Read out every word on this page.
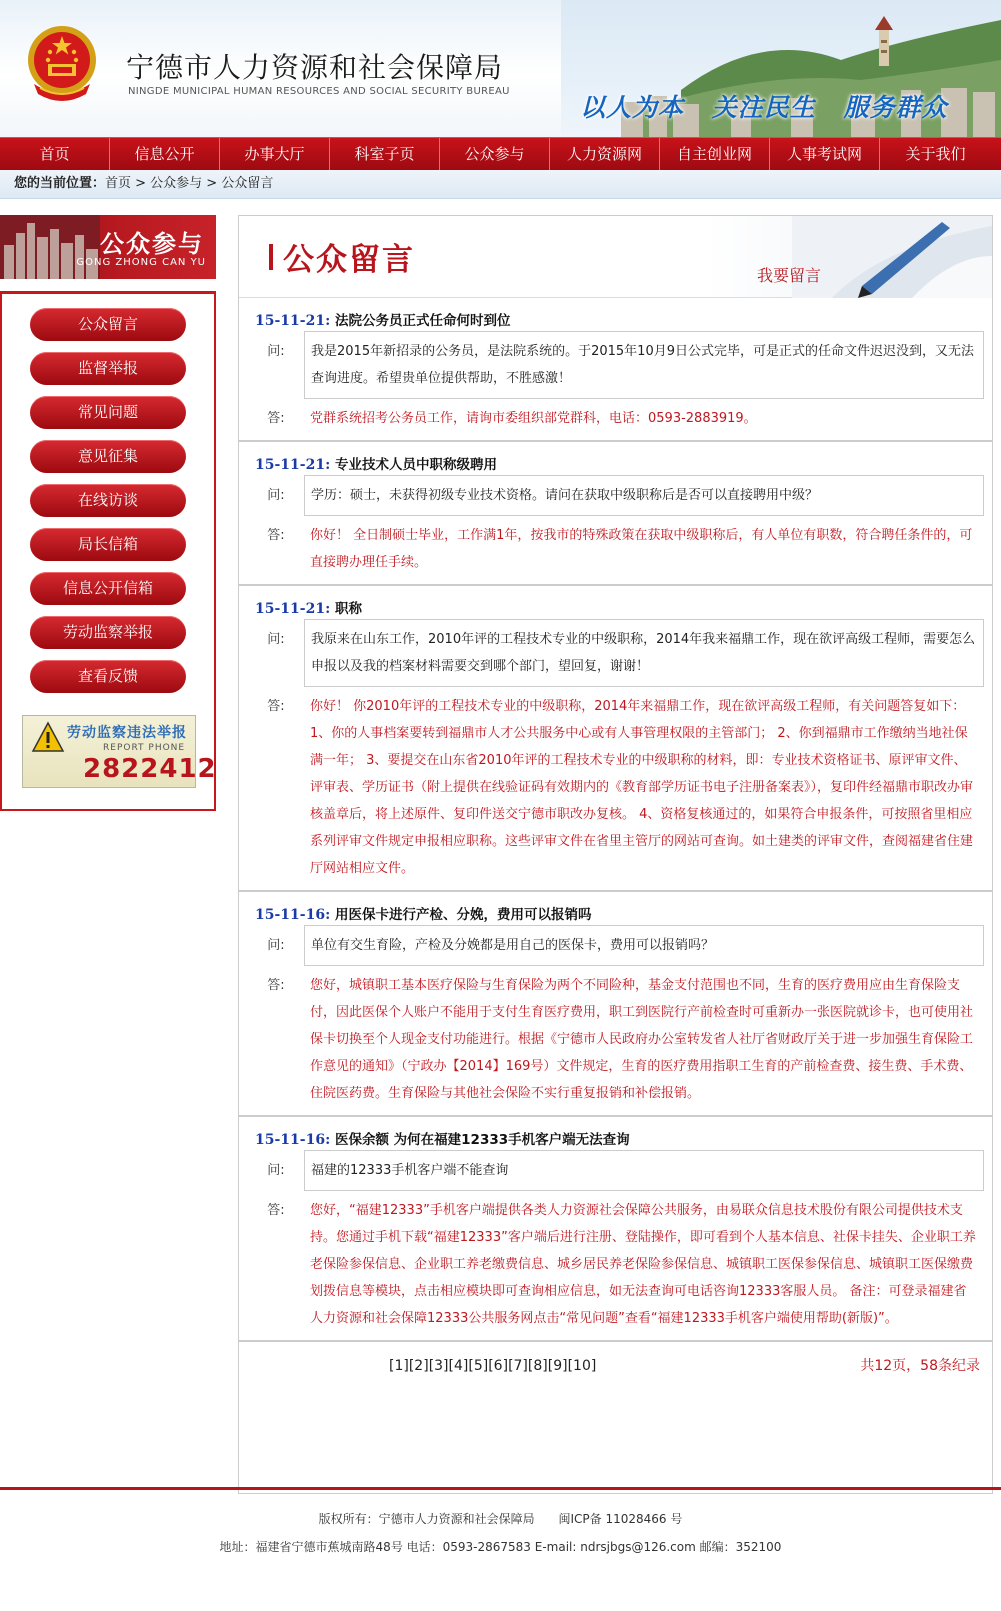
宁德市人力资源和社会保障局
NINGDE MUNICIPAL HUMAN RESOURCES AND SOCIAL SECURITY BUREAU
以人为本 关注民生 服务群众
首页	信息公开	办事大厅	科室子页	公众参与	人力资源网	自主创业网	人事考试网	关于我们
您的当前位置：首页 > 公众参与 > 公众留言
公众参与
GONG ZHONG CAN YU
公众留言
监督举报
常见问题
意见征集
在线访谈
局长信箱
信息公开信箱
劳动监察举报
查看反馈
劳动监察违法举报
REPORT PHONE
2822412
公众留言	我要留言
15-11-21: 法院公务员正式任命何时到位
问:	我是2015年新招录的公务员，是法院系统的。于2015年10月9日公式完毕，可是正式的任命文件迟迟没到，又无法查询进度。希望贵单位提供帮助，不胜感激！
答:	党群系统招考公务员工作，请询市委组织部党群科，电话：0593-2883919。
15-11-21: 专业技术人员中职称级聘用
问:	学历：硕士，未获得初级专业技术资格。请问在获取中级职称后是否可以直接聘用中级？
答:	你好！ 全日制硕士毕业，工作满1年，按我市的特殊政策在获取中级职称后，有人单位有职数，符合聘任条件的，可直接聘办理任手续。
15-11-21: 职称
问:	我原来在山东工作，2010年评的工程技术专业的中级职称，2014年我来福鼎工作，现在欲评高级工程师，需要怎么申报以及我的档案材料需要交到哪个部门，望回复，谢谢！
答:	你好！ 你2010年评的工程技术专业的中级职称，2014年来福鼎工作，现在欲评高级工程师，有关问题答复如下： 1、你的人事档案要转到福鼎市人才公共服务中心或有人事管理权限的主管部门； 2、你到福鼎市工作缴纳当地社保满一年； 3、要提交在山东省2010年评的工程技术专业的中级职称的材料，即：专业技术资格证书、原评审文件、评审表、学历证书（附上提供在线验证码有效期内的《教育部学历证书电子注册备案表》），复印件经福鼎市职改办审核盖章后，将上述原件、复印件送交宁德市职改办复核。 4、资格复核通过的，如果符合申报条件，可按照省里相应系列评审文件规定申报相应职称。这些评审文件在省里主管厅的网站可查询。如土建类的评审文件，查阅福建省住建厅网站相应文件。
15-11-16: 用医保卡进行产检、分娩，费用可以报销吗
问:	单位有交生育险，产检及分娩都是用自己的医保卡，费用可以报销吗？
答:	您好，城镇职工基本医疗保险与生育保险为两个不同险种，基金支付范围也不同，生育的医疗费用应由生育保险支付，因此医保个人账户不能用于支付生育医疗费用，职工到医院行产前检查时可重新办一张医院就诊卡，也可使用社保卡切换至个人现金支付功能进行。根据《宁德市人民政府办公室转发省人社厅省财政厅关于进一步加强生育保险工作意见的通知》（宁政办【2014】169号）文件规定，生育的医疗费用指职工生育的产前检查费、接生费、手术费、住院医药费。生育保险与其他社会保险不实行重复报销和补偿报销。
15-11-16: 医保余额 为何在福建12333手机客户端无法查询
问:	福建的12333手机客户端不能查询
答:	您好，“福建12333”手机客户端提供各类人力资源社会保障公共服务，由易联众信息技术股份有限公司提供技术支持。您通过手机下载“福建12333”客户端后进行注册、登陆操作，即可看到个人基本信息、社保卡挂失、企业职工养老保险参保信息、企业职工养老缴费信息、城乡居民养老保险参保信息、城镇职工医保参保信息、城镇职工医保缴费划拨信息等模块，点击相应模块即可查询相应信息，如无法查询可电话咨询12333客服人员。 备注：可登录福建省人力资源和社会保障12333公共服务网点击“常见问题”查看“福建12333手机客户端使用帮助(新版)”。
[1][2][3][4][5][6][7][8][9][10]	共12页，58条纪录
版权所有：宁德市人力资源和社会保障局 闽ICP备 11028466 号
地址：福建省宁德市蕉城南路48号 电话：0593-2867583 E-mail: ndrsjbgs@126.com 邮编：352100
